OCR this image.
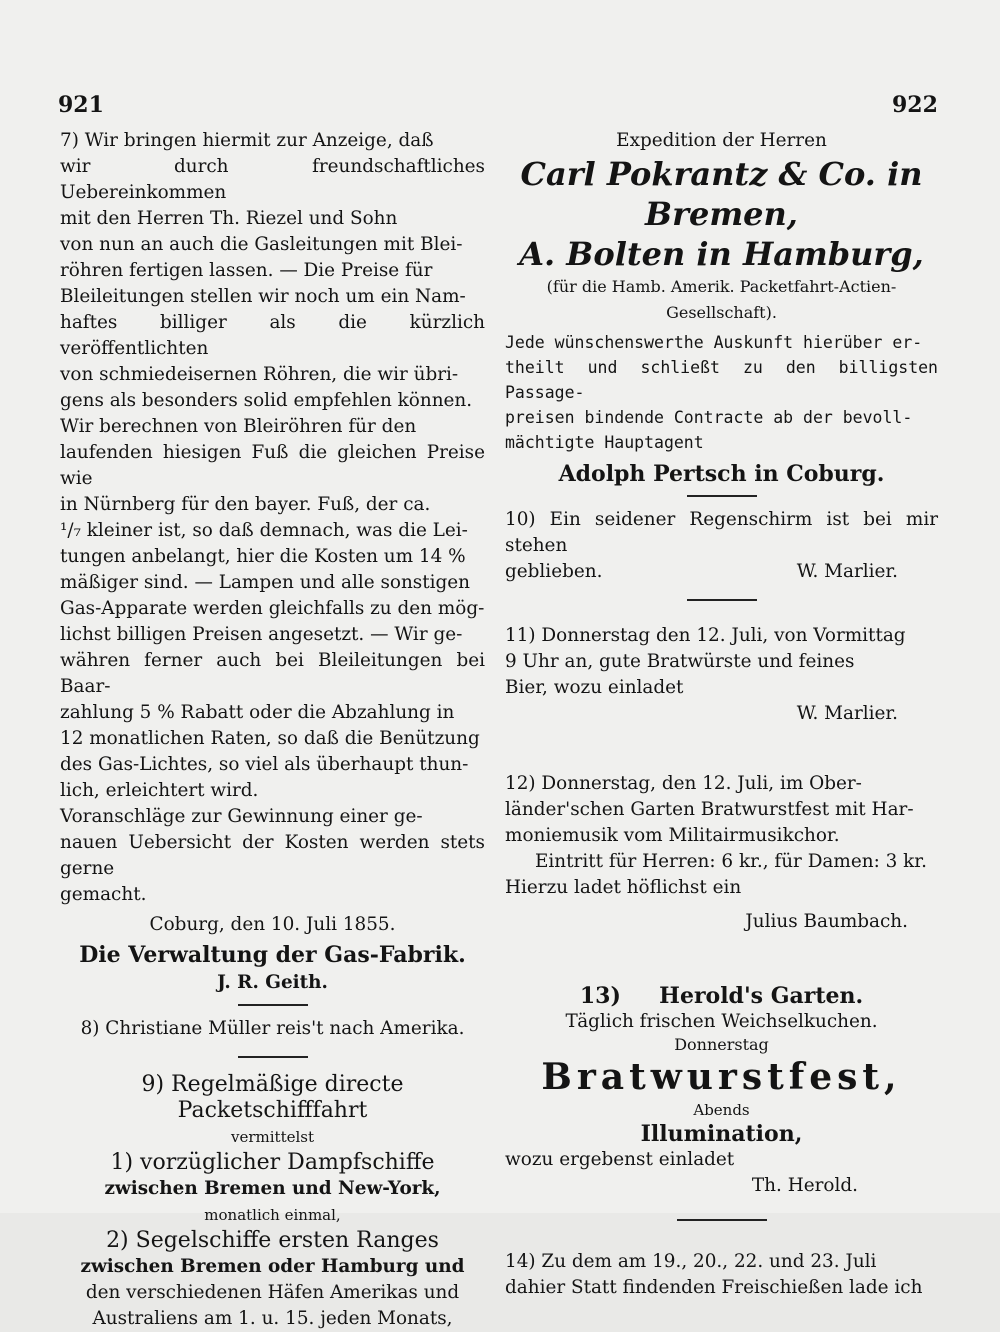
921	922

7) Wir bringen hiermit zur Anzeige, daß

wir durch freundschaftliches Uebereinkommen

mit den Herren Th. Riezel und Sohn

von nun an auch die Gasleitungen mit Blei-

röhren fertigen lassen. — Die Preise für

Bleileitungen stellen wir noch um ein Nam-

haftes billiger als die kürzlich veröffentlichten

von schmiedeisernen Röhren, die wir übri-

gens als besonders solid empfehlen können.

Wir berechnen von Bleiröhren für den

laufenden hiesigen Fuß die gleichen Preise wie

in Nürnberg für den bayer. Fuß, der ca.

¹/₇ kleiner ist, so daß demnach, was die Lei-

tungen anbelangt, hier die Kosten um 14 %

mäßiger sind. — Lampen und alle sonstigen

Gas-Apparate werden gleichfalls zu den mög-

lichst billigen Preisen angesetzt. — Wir ge-

währen ferner auch bei Bleileitungen bei Baar-

zahlung 5 % Rabatt oder die Abzahlung in

12 monatlichen Raten, so daß die Benützung

des Gas-Lichtes, so viel als überhaupt thun-

lich, erleichtert wird.

Voranschläge zur Gewinnung einer ge-

nauen Uebersicht der Kosten werden stets gerne

gemacht.

Coburg, den 10. Juli 1855.

Die Verwaltung der Gas-Fabrik.

J. R. Geith.

8) Christiane Müller reis't nach Amerika.

9) Regelmäßige directe Packetschifffahrt

vermittelst

1) vorzüglicher Dampfschiffe

zwischen Bremen und New-York,

monatlich einmal,

2) Segelschiffe ersten Ranges

zwischen Bremen oder Hamburg und

den verschiedenen Häfen Amerikas und

Australiens am 1. u. 15. jeden Monats,

Expedition der Herren

Carl Pokrantz & Co. in Bremen,

A. Bolten in Hamburg,

(für die Hamb. Amerik. Packetfahrt-Actien-Gesellschaft).

Jede wünschenswerthe Auskunft hierüber er-

theilt und schließt zu den billigsten Passage-

preisen bindende Contracte ab der bevoll-

mächtigte Hauptagent

Adolph Pertsch in Coburg.

10) Ein seidener Regenschirm ist bei mir stehen

geblieben.	W. Marlier.

11) Donnerstag den 12. Juli, von Vormittag

9 Uhr an, gute Bratwürste und feines

Bier, wozu einladet

W. Marlier.

12) Donnerstag, den 12. Juli, im Ober-

länder'schen Garten Bratwurstfest mit Har-

moniemusik vom Militairmusikchor.

Eintritt für Herren: 6 kr., für Damen: 3 kr.

Hierzu ladet höflichst ein

Julius Baumbach.

13) Herold's Garten.

Täglich frischen Weichselkuchen.

Donnerstag

Bratwurstfest,

Abends

Illumination,

wozu ergebenst einladet

Th. Herold.

14) Zu dem am 19., 20., 22. und 23. Juli

dahier Statt findenden Freischießen lade ich
